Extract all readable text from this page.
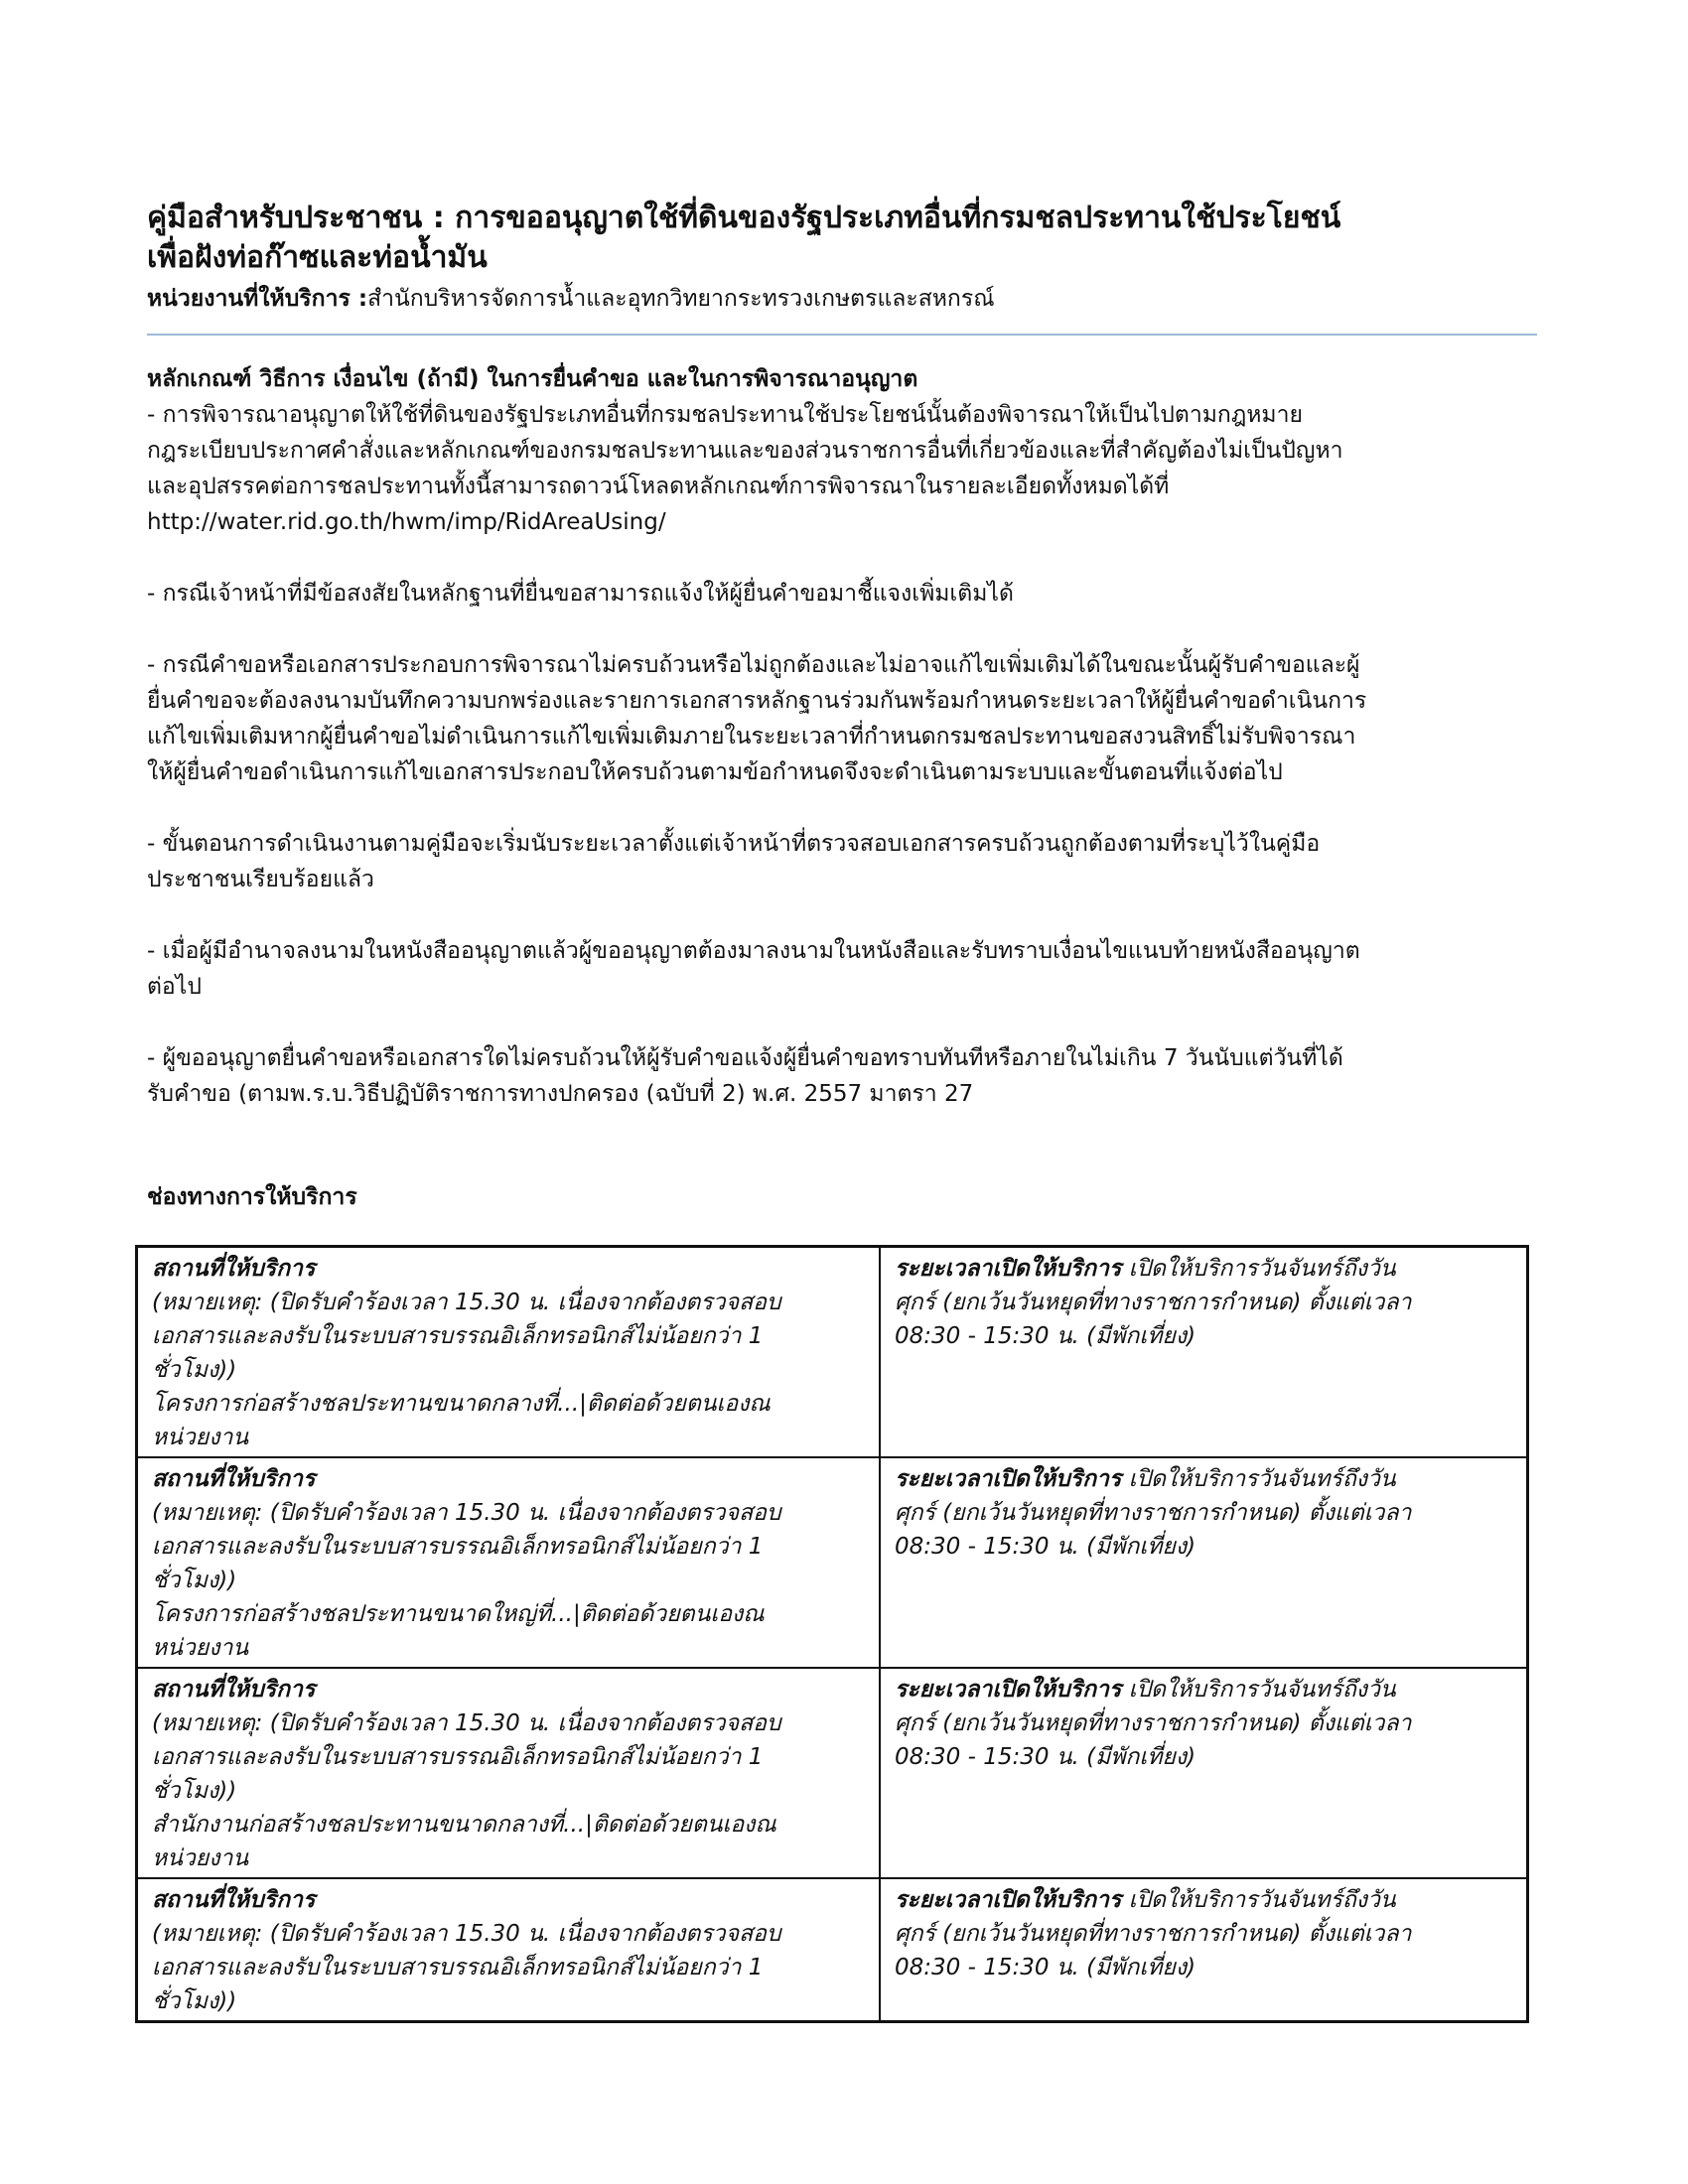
คู่มือสำหรับประชาชน : การขออนุญาตใช้ที่ดินของรัฐประเภทอื่นที่กรมชลประทานใช้ประโยชน์
เพื่อฝังท่อก๊าซและท่อน้ำมัน
หน่วยงานที่ให้บริการ :สำนักบริหารจัดการน้ำและอุทกวิทยากระทรวงเกษตรและสหกรณ์
หลักเกณฑ์ วิธีการ เงื่อนไข (ถ้ามี) ในการยื่นคำขอ และในการพิจารณาอนุญาต
- การพิจารณาอนุญาตให้ใช้ที่ดินของรัฐประเภทอื่นที่กรมชลประทานใช้ประโยชน์นั้นต้องพิจารณาให้เป็นไปตามกฎหมาย
กฎระเบียบประกาศคำสั่งและหลักเกณฑ์ของกรมชลประทานและของส่วนราชการอื่นที่เกี่ยวข้องและที่สำคัญต้องไม่เป็นปัญหา
และอุปสรรคต่อการชลประทานทั้งนี้สามารถดาวน์โหลดหลักเกณฑ์การพิจารณาในรายละเอียดทั้งหมดได้ที่
http://water.rid.go.th/hwm/imp/RidAreaUsing/
- กรณีเจ้าหน้าที่มีข้อสงสัยในหลักฐานที่ยื่นขอสามารถแจ้งให้ผู้ยื่นคำขอมาชี้แจงเพิ่มเติมได้
- กรณีคำขอหรือเอกสารประกอบการพิจารณาไม่ครบถ้วนหรือไม่ถูกต้องและไม่อาจแก้ไขเพิ่มเติมได้ในขณะนั้นผู้รับคำขอและผู้
ยื่นคำขอจะต้องลงนามบันทึกความบกพร่องและรายการเอกสารหลักฐานร่วมกันพร้อมกำหนดระยะเวลาให้ผู้ยื่นคำขอดำเนินการ
แก้ไขเพิ่มเติมหากผู้ยื่นคำขอไม่ดำเนินการแก้ไขเพิ่มเติมภายในระยะเวลาที่กำหนดกรมชลประทานขอสงวนสิทธิ์ไม่รับพิจารณา
ให้ผู้ยื่นคำขอดำเนินการแก้ไขเอกสารประกอบให้ครบถ้วนตามข้อกำหนดจึงจะดำเนินตามระบบและขั้นตอนที่แจ้งต่อไป
- ขั้นตอนการดำเนินงานตามคู่มือจะเริ่มนับระยะเวลาตั้งแต่เจ้าหน้าที่ตรวจสอบเอกสารครบถ้วนถูกต้องตามที่ระบุไว้ในคู่มือ
ประชาชนเรียบร้อยแล้ว
- เมื่อผู้มีอำนาจลงนามในหนังสืออนุญาตแล้วผู้ขออนุญาตต้องมาลงนามในหนังสือและรับทราบเงื่อนไขแนบท้ายหนังสืออนุญาต
ต่อไป
- ผู้ขออนุญาตยื่นคำขอหรือเอกสารใดไม่ครบถ้วนให้ผู้รับคำขอแจ้งผู้ยื่นคำขอทราบทันทีหรือภายในไม่เกิน 7 วันนับแต่วันที่ได้
รับคำขอ (ตามพ.ร.บ.วิธีปฏิบัติราชการทางปกครอง (ฉบับที่ 2) พ.ศ. 2557 มาตรา 27
ช่องทางการให้บริการ
สถานที่ให้บริการ
(หมายเหตุ: (ปิดรับคำร้องเวลา 15.30 น. เนื่องจากต้องตรวจสอบ
เอกสารและลงรับในระบบสารบรรณอิเล็กทรอนิกส์ไม่น้อยกว่า 1
ชั่วโมง))
โครงการก่อสร้างชลประทานขนาดกลางที่...|ติดต่อด้วยตนเองณ
หน่วยงาน
ระยะเวลาเปิดให้บริการ เปิดให้บริการวันจันทร์ถึงวัน
ศุกร์ (ยกเว้นวันหยุดที่ทางราชการกำหนด) ตั้งแต่เวลา
08:30 - 15:30 น. (มีพักเที่ยง)
สถานที่ให้บริการ
(หมายเหตุ: (ปิดรับคำร้องเวลา 15.30 น. เนื่องจากต้องตรวจสอบ
เอกสารและลงรับในระบบสารบรรณอิเล็กทรอนิกส์ไม่น้อยกว่า 1
ชั่วโมง))
โครงการก่อสร้างชลประทานขนาดใหญ่ที่...|ติดต่อด้วยตนเองณ
หน่วยงาน
ระยะเวลาเปิดให้บริการ เปิดให้บริการวันจันทร์ถึงวัน
ศุกร์ (ยกเว้นวันหยุดที่ทางราชการกำหนด) ตั้งแต่เวลา
08:30 - 15:30 น. (มีพักเที่ยง)
สถานที่ให้บริการ
(หมายเหตุ: (ปิดรับคำร้องเวลา 15.30 น. เนื่องจากต้องตรวจสอบ
เอกสารและลงรับในระบบสารบรรณอิเล็กทรอนิกส์ไม่น้อยกว่า 1
ชั่วโมง))
สำนักงานก่อสร้างชลประทานขนาดกลางที่...|ติดต่อด้วยตนเองณ
หน่วยงาน
ระยะเวลาเปิดให้บริการ เปิดให้บริการวันจันทร์ถึงวัน
ศุกร์ (ยกเว้นวันหยุดที่ทางราชการกำหนด) ตั้งแต่เวลา
08:30 - 15:30 น. (มีพักเที่ยง)
สถานที่ให้บริการ
(หมายเหตุ: (ปิดรับคำร้องเวลา 15.30 น. เนื่องจากต้องตรวจสอบ
เอกสารและลงรับในระบบสารบรรณอิเล็กทรอนิกส์ไม่น้อยกว่า 1
ชั่วโมง))
ระยะเวลาเปิดให้บริการ เปิดให้บริการวันจันทร์ถึงวัน
ศุกร์ (ยกเว้นวันหยุดที่ทางราชการกำหนด) ตั้งแต่เวลา
08:30 - 15:30 น. (มีพักเที่ยง)
